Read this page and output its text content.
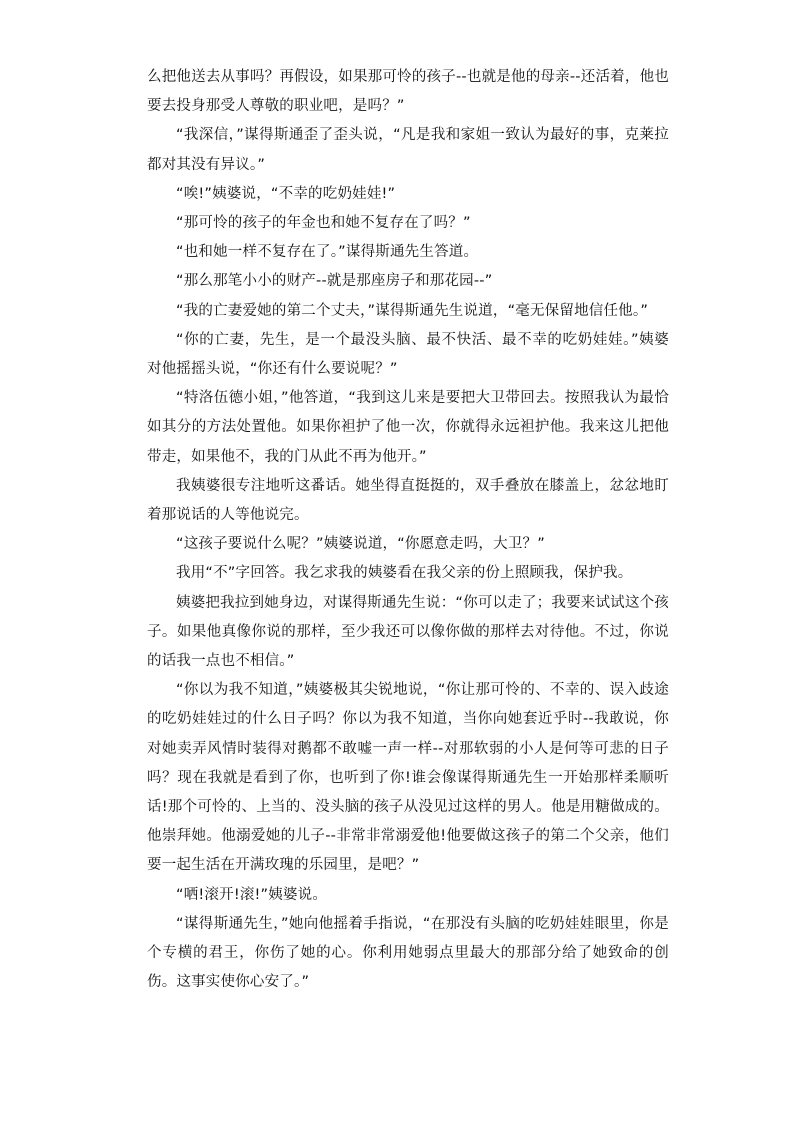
么把他送去从事吗？再假设，如果那可怜的孩子--也就是他的母亲--还活着，他也要去投身那受人尊敬的职业吧，是吗？”

“我深信，”谋得斯通歪了歪头说，“凡是我和家姐一致认为最好的事，克莱拉都对其没有异议。”

“唉!”姨婆说，“不幸的吃奶娃娃!”

“那可怜的孩子的年金也和她不复存在了吗？”

“也和她一样不复存在了。”谋得斯通先生答道。

“那么那笔小小的财产--就是那座房子和那花园--”

“我的亡妻爱她的第二个丈夫，”谋得斯通先生说道，“毫无保留地信任他。”

“你的亡妻，先生，是一个最没头脑、最不快活、最不幸的吃奶娃娃。”姨婆对他摇摇头说，“你还有什么要说呢？”

“特洛伍德小姐，”他答道，“我到这儿来是要把大卫带回去。按照我认为最恰如其分的方法处置他。如果你袒护了他一次，你就得永远袒护他。我来这儿把他带走，如果他不，我的门从此不再为他开。”

我姨婆很专注地听这番话。她坐得直挺挺的，双手叠放在膝盖上，忿忿地盯着那说话的人等他说完。

“这孩子要说什么呢？”姨婆说道，“你愿意走吗，大卫？”

我用“不”字回答。我乞求我的姨婆看在我父亲的份上照顾我，保护我。

姨婆把我拉到她身边，对谋得斯通先生说：“你可以走了；我要来试试这个孩子。如果他真像你说的那样，至少我还可以像你做的那样去对待他。不过，你说的话我一点也不相信。”

“你以为我不知道，”姨婆极其尖锐地说，“你让那可怜的、不幸的、误入歧途的吃奶娃娃过的什么日子吗？你以为我不知道，当你向她套近乎时--我敢说，你对她卖弄风情时装得对鹅都不敢嘘一声一样--对那软弱的小人是何等可悲的日子吗？现在我就是看到了你，也听到了你!谁会像谋得斯通先生一开始那样柔顺听话!那个可怜的、上当的、没头脑的孩子从没见过这样的男人。他是用糖做成的。他崇拜她。他溺爱她的儿子--非常非常溺爱他!他要做这孩子的第二个父亲，他们要一起生活在开满玫瑰的乐园里，是吧？”

“哂!滚开!滚!”姨婆说。

“谋得斯通先生，”她向他摇着手指说，“在那没有头脑的吃奶娃娃眼里，你是个专横的君王，你伤了她的心。你利用她弱点里最大的那部分给了她致命的创伤。这事实使你心安了。”
